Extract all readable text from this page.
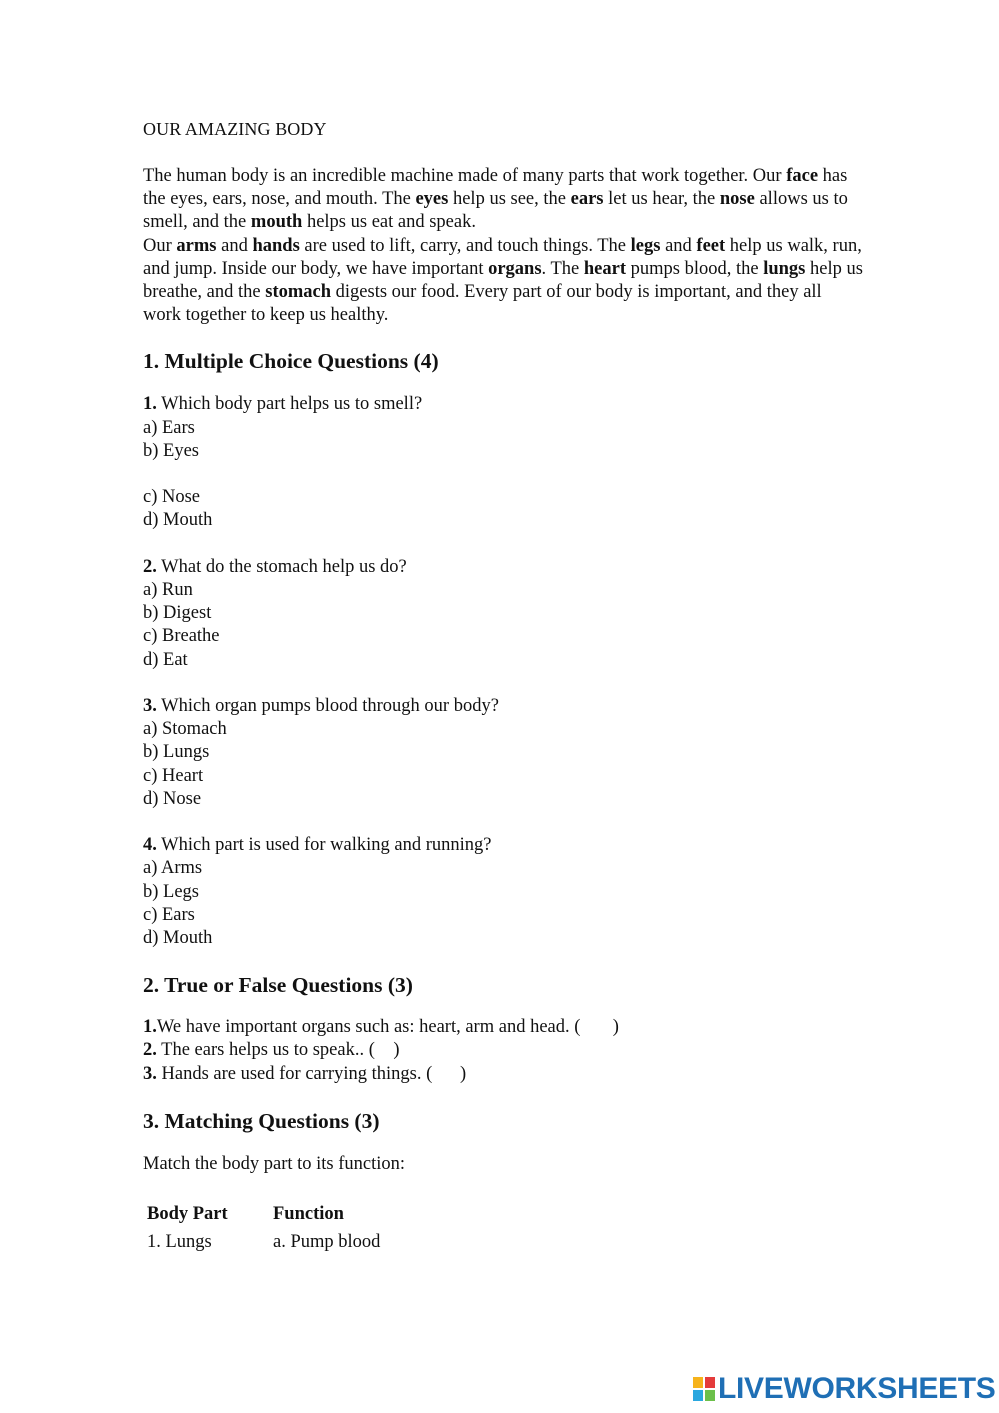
OUR AMAZING BODY

The human body is an incredible machine made of many parts that work together. Our face has the eyes, ears, nose, and mouth. The eyes help us see, the ears let us hear, the nose allows us to smell, and the mouth helps us eat and speak.

Our arms and hands are used to lift, carry, and touch things. The legs and feet help us walk, run, and jump. Inside our body, we have important organs. The heart pumps blood, the lungs help us breathe, and the stomach digests our food. Every part of our body is important, and they all work together to keep us healthy.

1. Multiple Choice Questions (4)

1. Which body part helps us to smell?

a) Ears

b) Eyes

c) Nose

d) Mouth

2. What do the stomach help us do?

a) Run

b) Digest

c) Breathe

d) Eat

3. Which organ pumps blood through our body?

a) Stomach

b) Lungs

c) Heart

d) Nose

4. Which part is used for walking and running?

a) Arms

b) Legs

c) Ears

d) Mouth

2. True or False Questions (3)

1.We have important organs such as: heart, arm and head. (       )

2. The ears helps us to speak.. (    )

3. Hands are used for carrying things. (      )

3. Matching Questions (3)

Match the body part to its function:

Body Part	Function
1. Lungs	a. Pump blood
LIVEWORKSHEETS
